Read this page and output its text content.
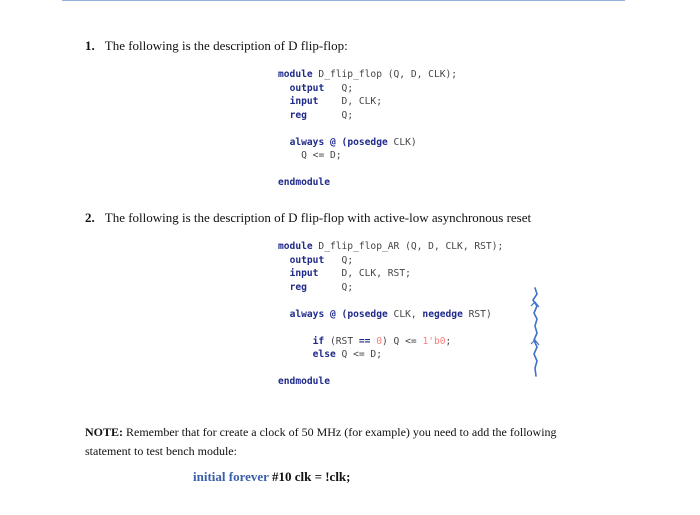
1. The following is the description of D flip-flop:
module D_flip_flop (Q, D, CLK);
output   Q;
input    D, CLK;
reg      Q;

always @ (posedge CLK)
Q <= D;

endmodule
2. The following is the description of D flip-flop with active-low asynchronous reset
module D_flip_flop_AR (Q, D, CLK, RST);
output   Q;
input    D, CLK, RST;
reg      Q;

always @ (posedge CLK, negedge RST)

if (RST == 0) Q <= 1'b0;
else Q <= D;

endmodule
NOTE: Remember that for create a clock of 50 MHz (for example) you need to add the following statement to test bench module:
initial forever #10 clk = !clk;
